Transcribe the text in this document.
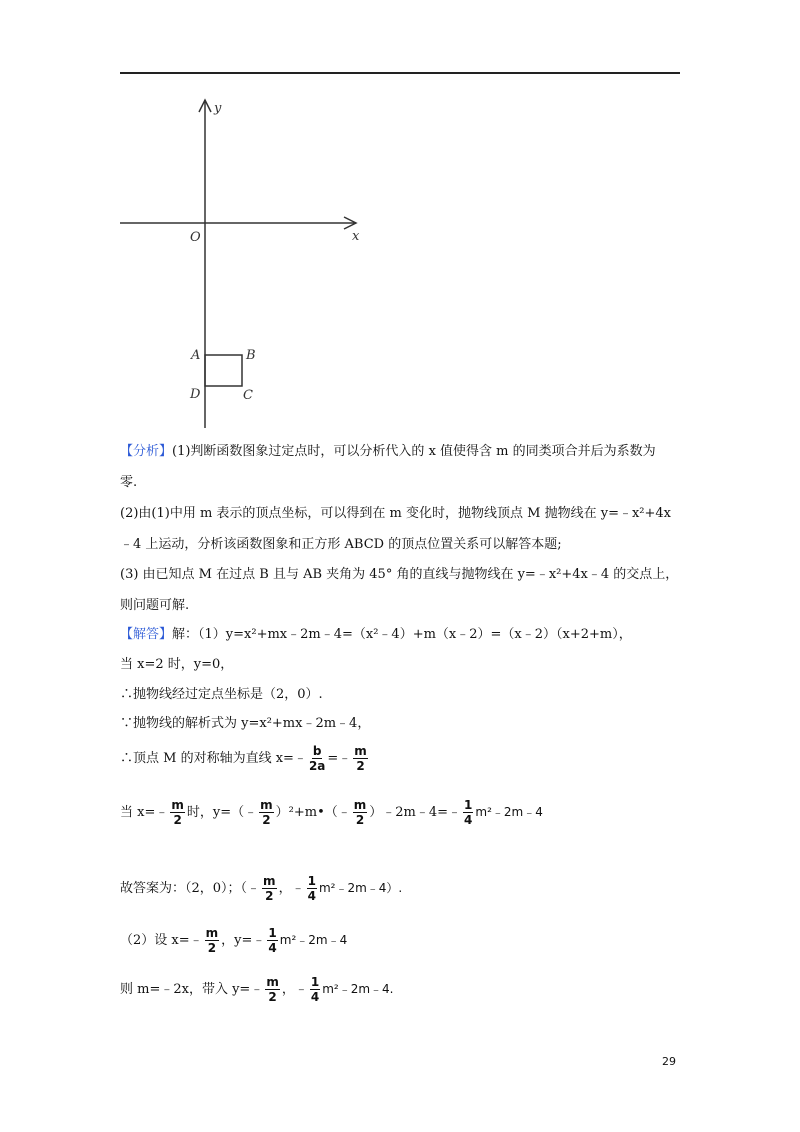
y
x
O
A	B
C
D
【分析】(1)判断函数图象过定点时，可以分析代入的 x 值使得含 m 的同类项合并后为系数为
零.
(2)由(1)中用 m 表示的顶点坐标，可以得到在 m 变化时，抛物线顶点 M 抛物线在 y=﹣x²+4x
﹣4 上运动，分析该函数图象和正方形 ABCD 的顶点位置关系可以解答本题;
(3) 由已知点 M 在过点 B 且与 AB 夹角为 45° 角的直线与抛物线在 y=﹣x²+4x﹣4 的交点上，
则问题可解.
【解答】解：（1）y=x²+mx﹣2m﹣4=（x²﹣4）+m（x﹣2）=（x﹣2）（x+2+m），
当 x=2 时，y=0，
∴抛物线经过定点坐标是（2，0）.
∵抛物线的解析式为 y=x²+mx﹣2m﹣4，
∴顶点 M 的对称轴为直线 x=﹣ $\frac{b}{2a}$ =﹣ $\frac{m}{2}$
当 x=﹣ $\frac{m}{2}$ 时，y=（﹣ $\frac{m}{2}$ ）²+m•（﹣ $\frac{m}{2}$ ）﹣2m﹣4=﹣ $\frac{1}{4}$ m²﹣2m﹣4
故答案为：（2，0）；（﹣ $\frac{m}{2}$ ，﹣ $\frac{1}{4}$ m²﹣2m﹣4）.
（2）设 x=﹣ $\frac{m}{2}$ ，y=﹣ $\frac{1}{4}$ m²﹣2m﹣4
则 m=﹣2x，带入 y=﹣ $\frac{m}{2}$ ，﹣ $\frac{1}{4}$ m²﹣2m﹣4.
29
